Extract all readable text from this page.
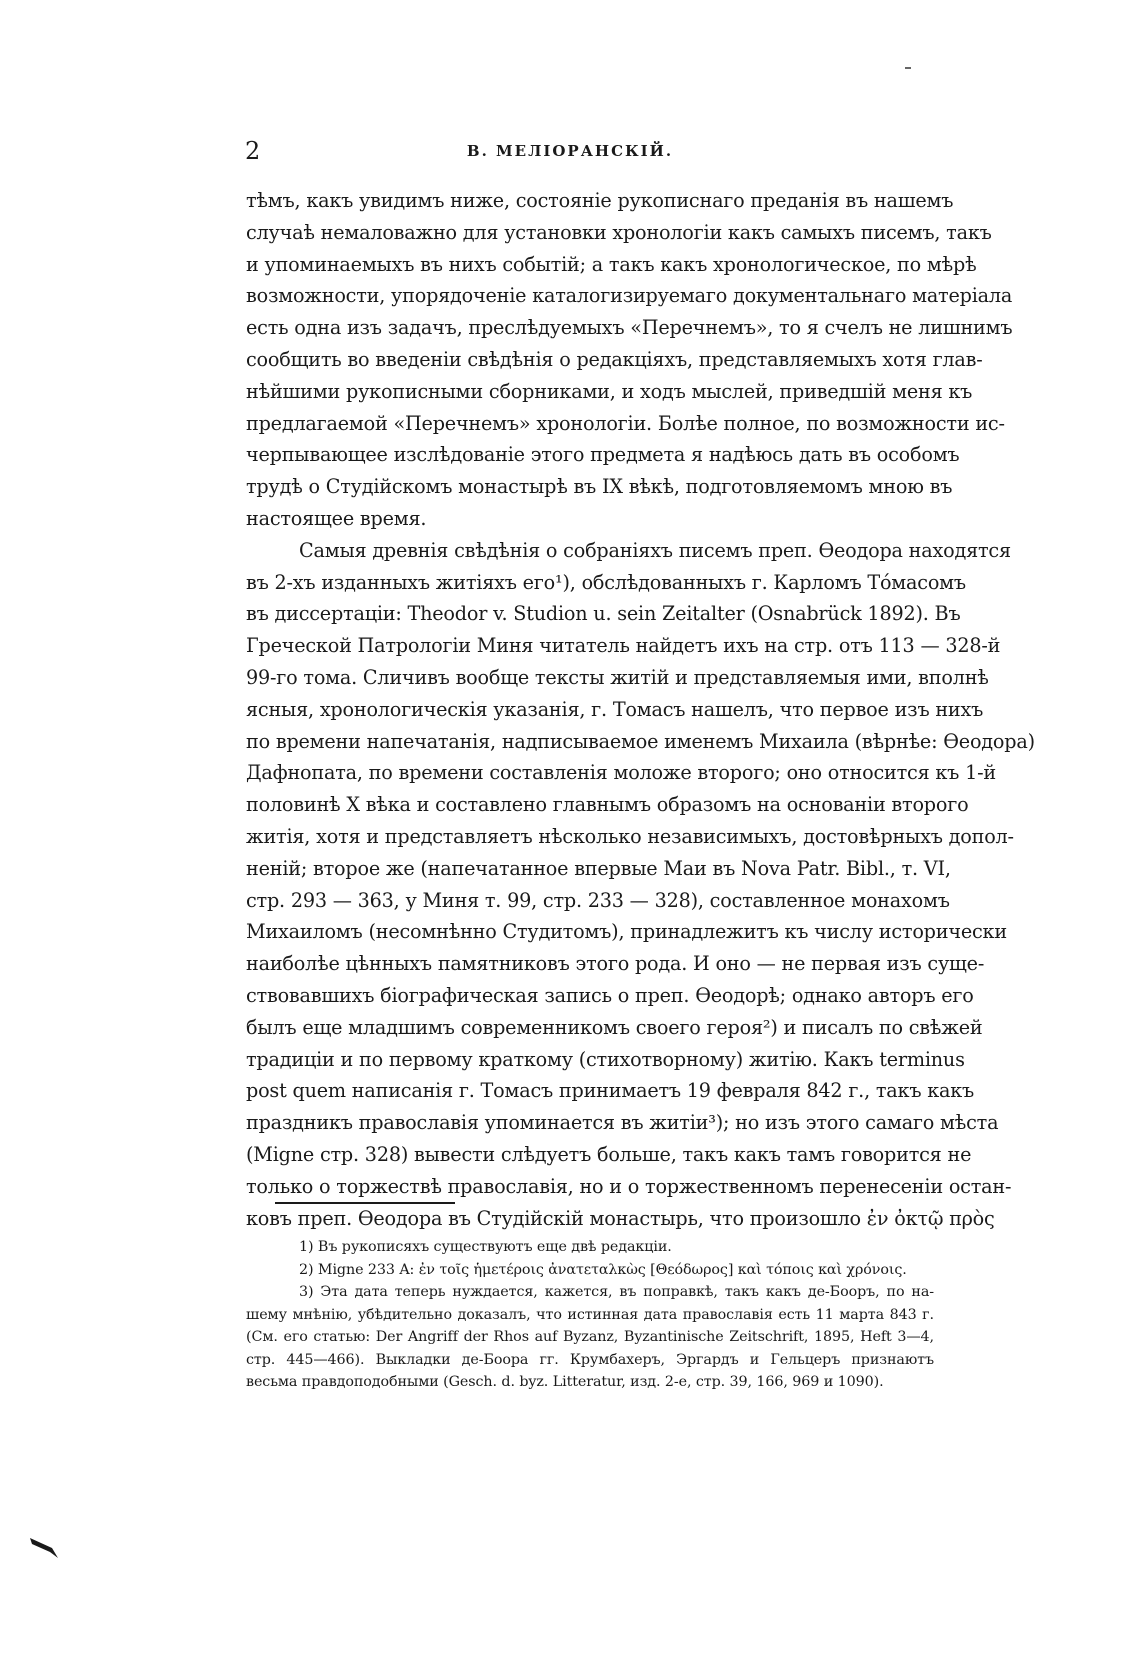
2	В. МЕЛІОРАНСКІЙ.
тѣмъ, какъ увидимъ ниже, состояніе рукописнаго преданія въ нашемъ
случаѣ немаловажно для установки хронологіи какъ самыхъ писемъ, такъ
и упоминаемыхъ въ нихъ событій; а такъ какъ хронологическое, по мѣрѣ
возможности, упорядоченіе каталогизируемаго документальнаго матеріала
есть одна изъ задачъ, преслѣдуемыхъ «Перечнемъ», то я счелъ не лишнимъ
сообщить во введеніи свѣдѣнія о редакціяхъ, представляемыхъ хотя глав-
нѣйшими рукописными сборниками, и ходъ мыслей, приведшій меня къ
предлагаемой «Перечнемъ» хронологіи. Болѣе полное, по возможности ис-
черпывающее изслѣдованіе этого предмета я надѣюсь дать въ особомъ
трудѣ о Студійскомъ монастырѣ въ IX вѣкѣ, подготовляемомъ мною въ
настоящее время.
Самыя древнія свѣдѣнія о собраніяхъ писемъ преп. Ѳеодора находятся
въ 2-хъ изданныхъ житіяхъ его¹), обслѣдованныхъ г. Карломъ Тóмасомъ
въ диссертаціи: Theodor v. Studion u. sein Zeitalter (Osnabrück 1892). Въ
Греческой Патрологіи Миня читатель найдетъ ихъ на стр. отъ 113 — 328-й
99-го тома. Сличивъ вообще тексты житій и представляемыя ими, вполнѣ
ясныя, хронологическія указанія, г. Томасъ нашелъ, что первое изъ нихъ
по времени напечатанія, надписываемое именемъ Михаила (вѣрнѣе: Ѳеодора)
Дафнопата, по времени составленія моложе второго; оно относится къ 1-й
половинѣ X вѣка и составлено главнымъ образомъ на основаніи второго
житія, хотя и представляетъ нѣсколько независимыхъ, достовѣрныхъ допол-
неній; второе же (напечатанное впервые Маи въ Nova Patr. Bibl., т. VI,
стр. 293 — 363, у Миня т. 99, стр. 233 — 328), составленное монахомъ
Михаиломъ (несомнѣнно Студитомъ), принадлежитъ къ числу исторически
наиболѣе цѣнныхъ памятниковъ этого рода. И оно — не первая изъ суще-
ствовавшихъ біографическая запись о преп. Ѳеодорѣ; однако авторъ его
былъ еще младшимъ современникомъ своего героя²) и писалъ по свѣжей
традиціи и по первому краткому (стихотворному) житію. Какъ terminus
post quem написанія г. Томасъ принимаетъ 19 февраля 842 г., такъ какъ
праздникъ православія упоминается въ житіи³); но изъ этого самаго мѣста
(Migne стр. 328) вывести слѣдуетъ больше, такъ какъ тамъ говорится не
только о торжествѣ православія, но и о торжественномъ перенесеніи остан-
ковъ преп. Ѳеодора въ Студійскій монастырь, что произошло ἐν ὀκτῷ πρὸς
1) Въ рукописяхъ существуютъ еще двѣ редакціи.
2) Migne 233 A: ἐν τοῖς ἡμετέροις ἀνατεταλκὼς [Θεόδωρος] καὶ τόποις καὶ χρόνοις.
3) Эта дата теперь нуждается, кажется, въ поправкѣ, такъ какъ де-Бооръ, по на-
шему мнѣнію, убѣдительно доказалъ, что истинная дата православія есть 11 марта 843 г.
(См. его статью: Der Angriff der Rhos auf Byzanz, Byzantinische Zeitschrift, 1895, Heft 3—4,
стр. 445—466). Выкладки де-Боора гг. Крумбахеръ, Эргардъ и Гельцеръ признаютъ
весьма правдоподобными (Gesch. d. byz. Litteratur, изд. 2-е, стр. 39, 166, 969 и 1090).
